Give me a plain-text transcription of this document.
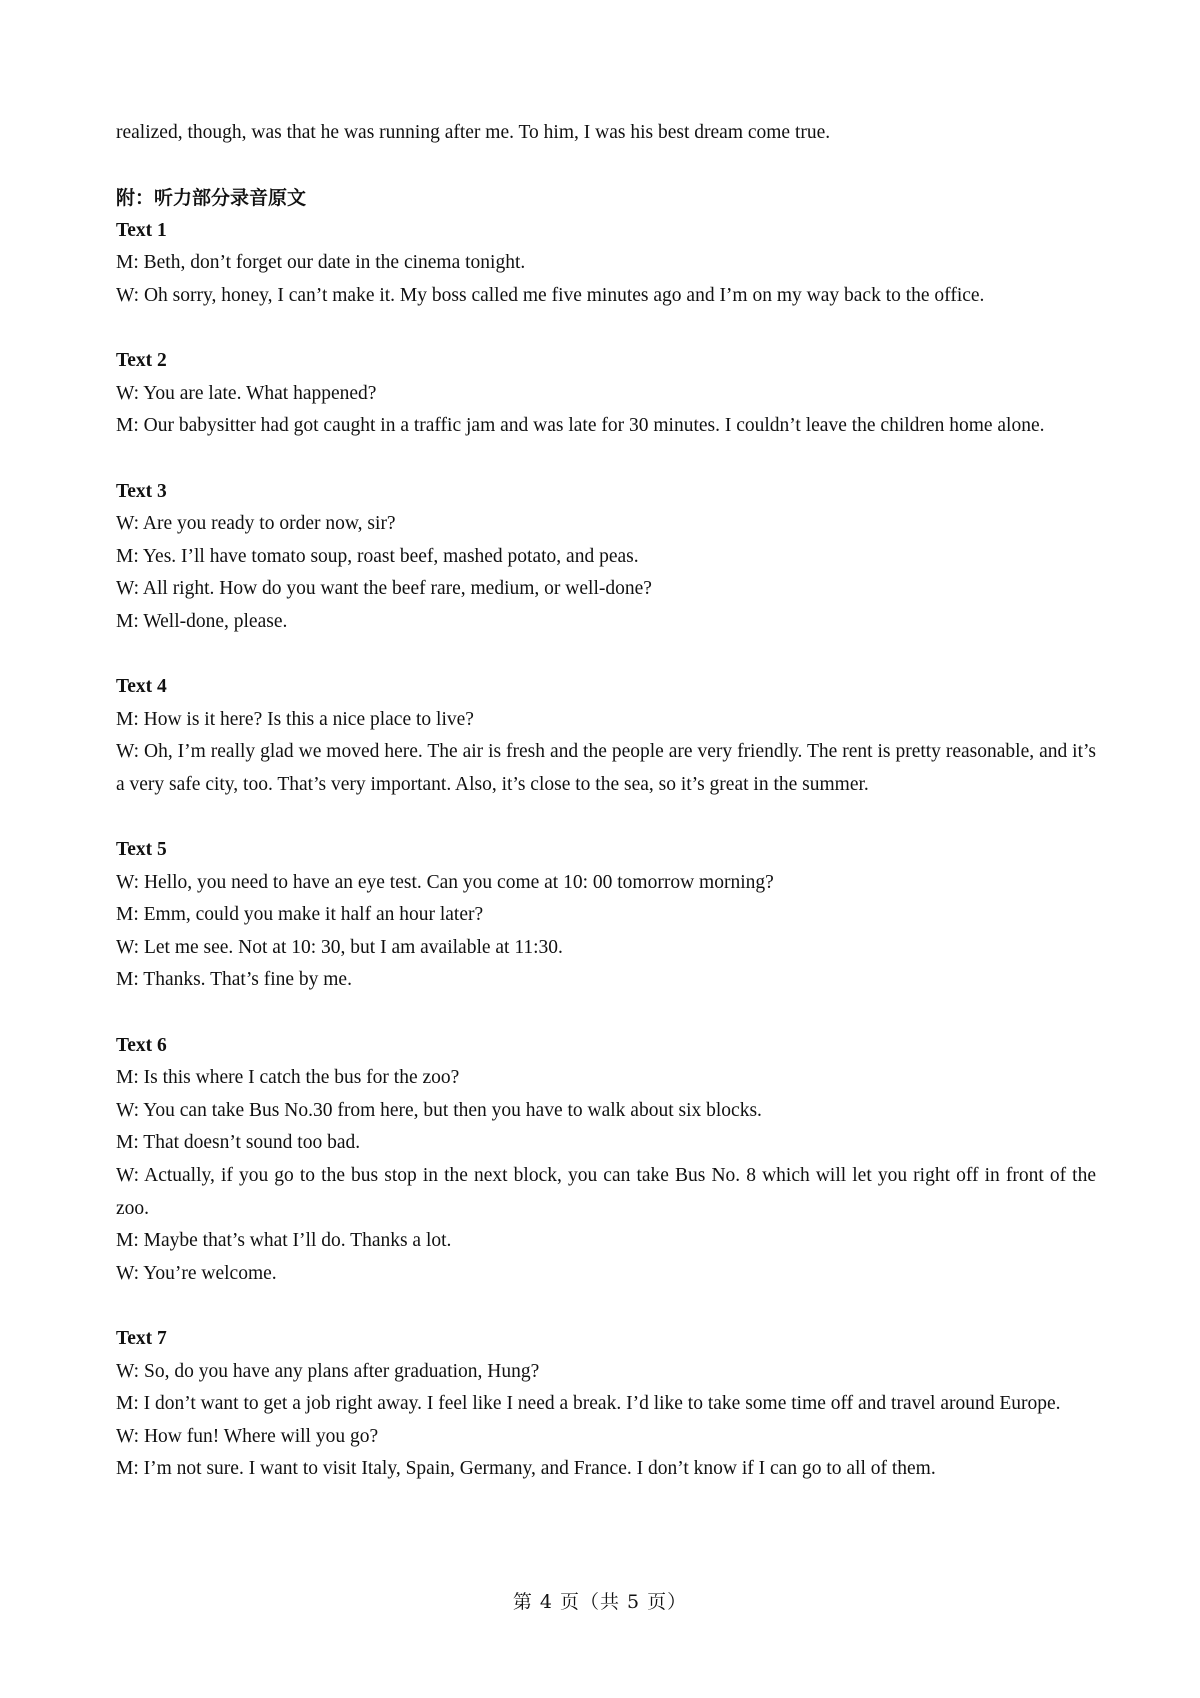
realized, though, was that he was running after me. To him, I was his best dream come true.

附：听力部分录音原文

Text 1

M: Beth, don’t forget our date in the cinema tonight.

W: Oh sorry, honey, I can’t make it. My boss called me five minutes ago and I’m on my way back to the office.

Text 2

W: You are late. What happened?

M: Our babysitter had got caught in a traffic jam and was late for 30 minutes. I couldn’t leave the children home alone.

Text 3

W: Are you ready to order now, sir?

M: Yes. I’ll have tomato soup, roast beef, mashed potato, and peas.

W: All right. How do you want the beef rare, medium, or well-done?

M: Well-done, please.

Text 4

M: How is it here? Is this a nice place to live?

W: Oh, I’m really glad we moved here. The air is fresh and the people are very friendly. The rent is pretty reasonable, and it’s a very safe city, too. That’s very important. Also, it’s close to the sea, so it’s great in the summer.

Text 5

W: Hello, you need to have an eye test. Can you come at 10: 00 tomorrow morning?

M: Emm, could you make it half an hour later?

W: Let me see. Not at 10: 30, but I am available at 11:30.

M: Thanks. That’s fine by me.

Text 6

M: Is this where I catch the bus for the zoo?

W: You can take Bus No.30 from here, but then you have to walk about six blocks.

M: That doesn’t sound too bad.

W: Actually, if you go to the bus stop in the next block, you can take Bus No. 8 which will let you right off in front of the zoo.

M: Maybe that’s what I’ll do. Thanks a lot.

W: You’re welcome.

Text 7

W: So, do you have any plans after graduation, Hung?

M: I don’t want to get a job right away. I feel like I need a break. I’d like to take some time off and travel around Europe.

W: How fun! Where will you go?

M: I’m not sure. I want to visit Italy, Spain, Germany, and France. I don’t know if I can go to all of them.

第 4 页（共 5 页）
